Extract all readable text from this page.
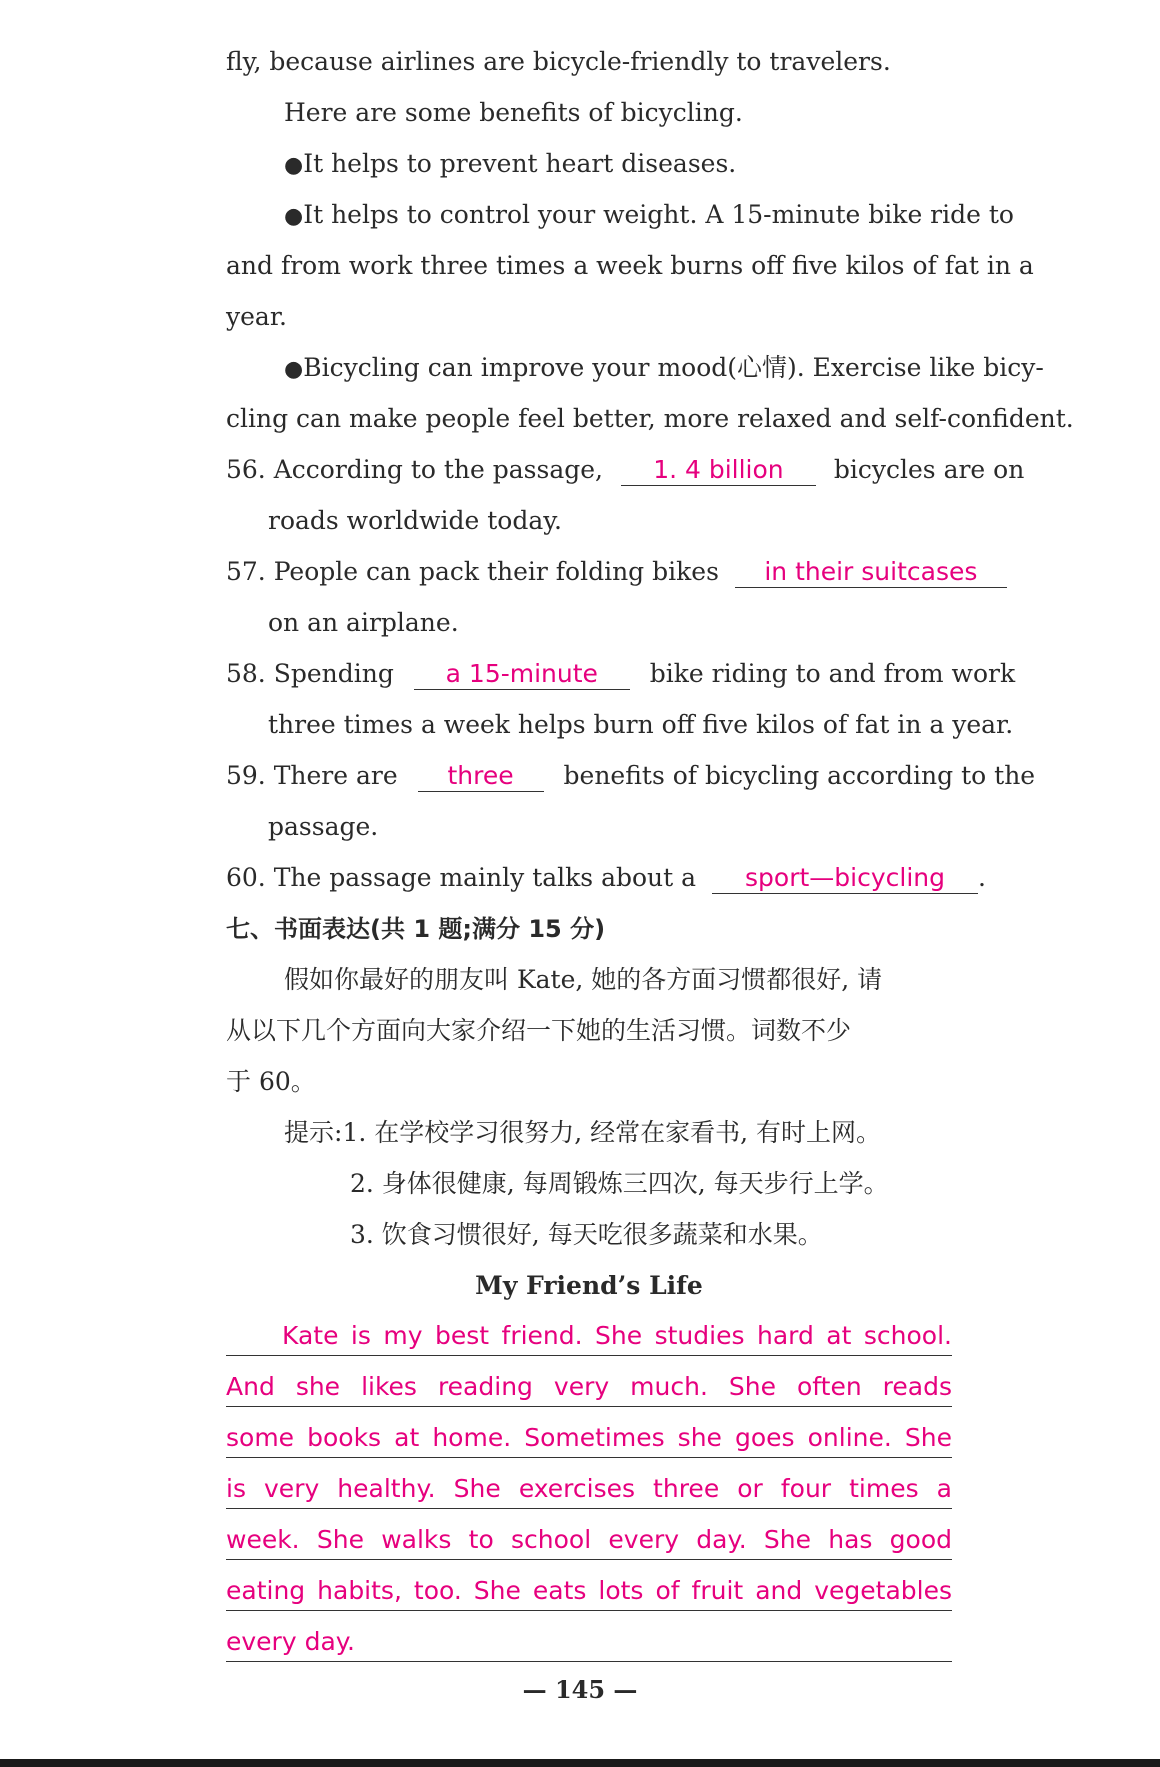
fly, because airlines are bicycle-friendly to travelers.
Here are some benefits of bicycling.
●It helps to prevent heart diseases.
●It helps to control your weight. A 15-minute bike ride to
and from work three times a week burns off five kilos of fat in a
year.
●Bicycling can improve your mood(心情). Exercise like bicy-
cling can make people feel better, more relaxed and self-confident.
56. According to the passage, 1. 4 billion bicycles are on
roads worldwide today.
57. People can pack their folding bikes in their suitcases
on an airplane.
58. Spending a 15-minute bike riding to and from work
three times a week helps burn off five kilos of fat in a year.
59. There are three benefits of bicycling according to the
passage.
60. The passage mainly talks about a sport—bicycling .
七、书面表达(共 1 题;满分 15 分)
假如你最好的朋友叫 Kate, 她的各方面习惯都很好, 请
从以下几个方面向大家介绍一下她的生活习惯。词数不少
于 60。
提示:1. 在学校学习很努力, 经常在家看书, 有时上网。
2. 身体很健康, 每周锻炼三四次, 每天步行上学。
3. 饮食习惯很好, 每天吃很多蔬菜和水果。
My Friend’s Life
Kate is my best friend. She studies hard at school.
And she likes reading very much. She often reads
some books at home. Sometimes she goes online. She
is very healthy. She exercises three or four times a
week. She walks to school every day. She has good
eating habits, too. She eats lots of fruit and vegetables
every day.
— 145 —
